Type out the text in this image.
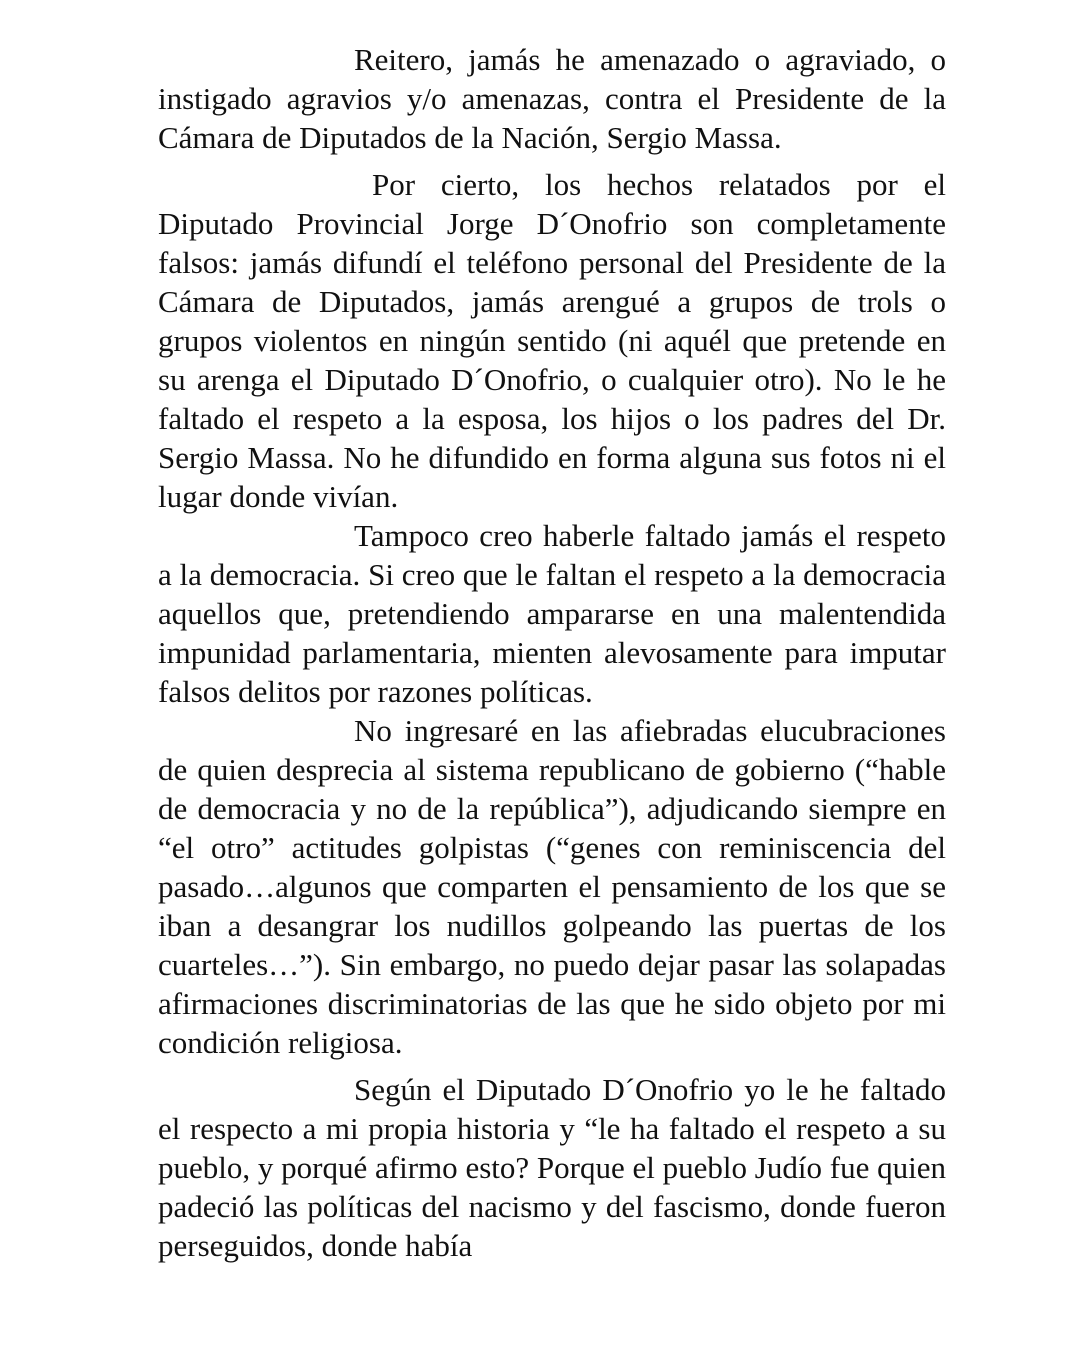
Reitero, jamás he amenazado o agraviado, o instigado agravios y/o amenazas, contra el Presidente de la Cámara de Diputados de la Nación, Sergio Massa.

Por cierto, los hechos relatados por el Diputado Provincial Jorge D´Onofrio son completamente falsos: jamás difundí el teléfono personal del Presidente de la Cámara de Diputados, jamás arengué a grupos de trols o grupos violentos en ningún sentido (ni aquél que pretende en su arenga el Diputado D´Onofrio, o cualquier otro). No le he faltado el respeto a la esposa, los hijos o los padres del Dr. Sergio Massa. No he difundido en forma alguna sus fotos ni el lugar donde vivían.

Tampoco creo haberle faltado jamás el respeto a la democracia. Si creo que le faltan el respeto a la democracia aquellos que, pretendiendo ampararse en una malentendida impunidad parlamentaria, mienten alevosamente para imputar falsos delitos por razones políticas.

No ingresaré en las afiebradas elucubraciones de quien desprecia al sistema republicano de gobierno (“hable de democracia y no de la república”), adjudicando siempre en “el otro” actitudes golpistas (“genes con reminiscencia del pasado…algunos que comparten el pensamiento de los que se iban a desangrar los nudillos golpeando las puertas de los cuarteles…”). Sin embargo, no puedo dejar pasar las solapadas afirmaciones discriminatorias de las que he sido objeto por mi condición religiosa.

Según el Diputado D´Onofrio yo le he faltado el respecto a mi propia historia y “le ha faltado el respeto a su pueblo, y porqué afirmo esto? Porque el pueblo Judío fue quien padeció las políticas del nacismo y del fascismo, donde fueron perseguidos, donde había
